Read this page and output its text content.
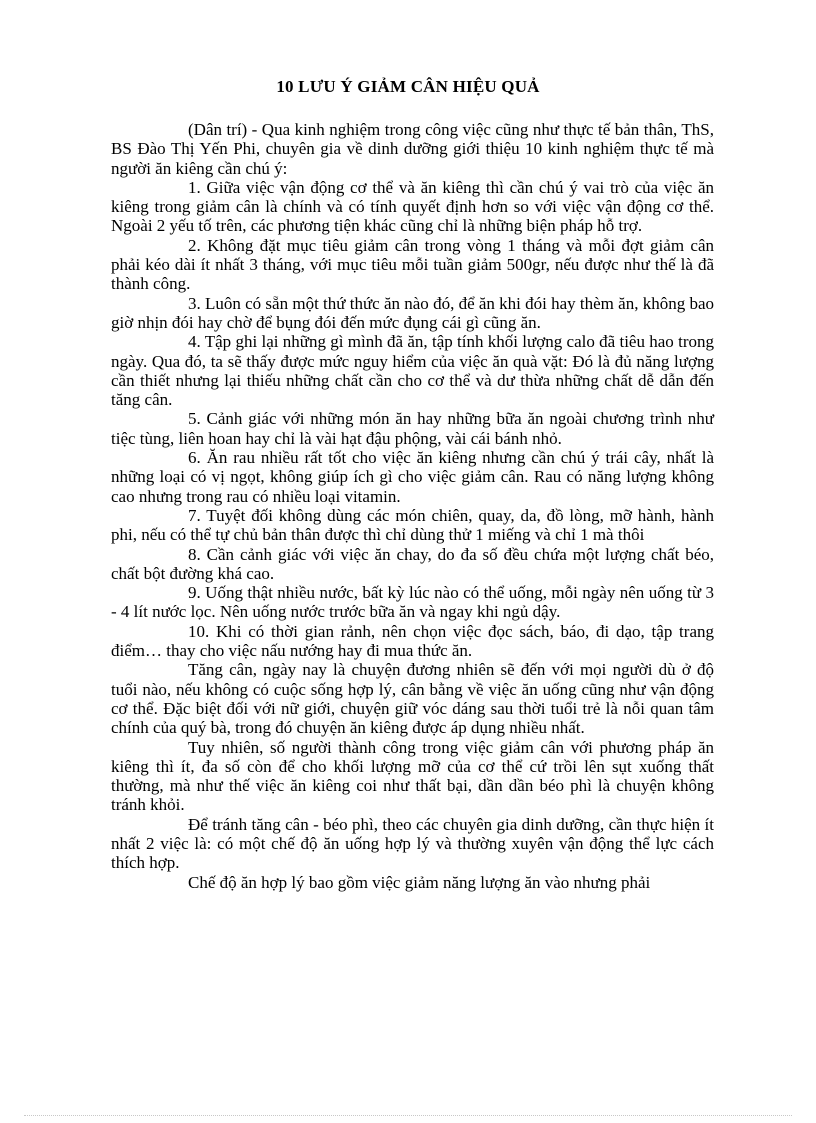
10 LƯU Ý GIẢM CÂN HIỆU QUẢ

(Dân trí) - Qua kinh nghiệm trong công việc cũng như thực tế bản thân, ThS, BS Đào Thị Yến Phi, chuyên gia về dinh dưỡng giới thiệu 10 kinh nghiệm thực tế mà người ăn kiêng cần chú ý:

1. Giữa việc vận động cơ thể và ăn kiêng thì cần chú ý vai trò của việc ăn kiêng trong giảm cân là chính và có tính quyết định hơn so với việc vận động cơ thể. Ngoài 2 yếu tố trên, các phương tiện khác cũng chỉ là những biện pháp hỗ trợ.

2. Không đặt mục tiêu giảm cân trong vòng 1 tháng và mỗi đợt giảm cân phải kéo dài ít nhất 3 tháng, với mục tiêu mỗi tuần giảm 500gr, nếu được như thế là đã thành công.

3. Luôn có sẵn một thứ thức ăn nào đó, để ăn khi đói hay thèm ăn, không bao giờ nhịn đói hay chờ để bụng đói đến mức đụng cái gì cũng ăn.

4. Tập ghi lại những gì mình đã ăn, tập tính khối lượng calo đã tiêu hao trong ngày. Qua đó, ta sẽ thấy được mức nguy hiểm của việc ăn quà vặt: Đó là đủ năng lượng cần thiết nhưng lại thiếu những chất cần cho cơ thể và dư thừa những chất dễ dẫn đến tăng cân.

5. Cảnh giác với những món ăn hay những bữa ăn ngoài chương trình như tiệc tùng, liên hoan hay chỉ là vài hạt đậu phộng, vài cái bánh nhỏ.

6. Ăn rau nhiều rất tốt cho việc ăn kiêng nhưng cần chú ý trái cây, nhất là những loại có vị ngọt, không giúp ích gì cho việc giảm cân. Rau có năng lượng không cao nhưng trong rau có nhiều loại vitamin.

7. Tuyệt đối không dùng các món chiên, quay, da, đồ lòng, mỡ hành, hành phi, nếu có thể tự chủ bản thân được thì chỉ dùng thử 1 miếng và chỉ 1 mà thôi

8. Cần cảnh giác với việc ăn chay, do đa số đều chứa một lượng chất béo, chất bột đường khá cao.

9. Uống thật nhiều nước, bất kỳ lúc nào có thể uống, mỗi ngày nên uống từ 3 - 4 lít nước lọc. Nên uống nước trước bữa ăn và ngay khi ngủ dậy.

10. Khi có thời gian rảnh, nên chọn việc đọc sách, báo, đi dạo, tập trang điểm… thay cho việc nấu nướng hay đi mua thức ăn.

Tăng cân, ngày nay là chuyện đương nhiên sẽ đến với mọi người dù ở độ tuổi nào, nếu không có cuộc sống hợp lý, cân bằng về việc ăn uống cũng như vận động cơ thể. Đặc biệt đối với nữ giới, chuyện giữ vóc dáng sau thời tuổi trẻ là nỗi quan tâm chính của quý bà, trong đó chuyện ăn kiêng được áp dụng nhiều nhất.

Tuy nhiên, số người thành công trong việc giảm cân với phương pháp ăn kiêng thì ít, đa số còn để cho khối lượng mỡ của cơ thể cứ trồi lên sụt xuống thất thường, mà như thế việc ăn kiêng coi như thất bại, dần dần béo phì là chuyện không tránh khỏi.

Để tránh tăng cân - béo phì, theo các chuyên gia dinh dưỡng, cần thực hiện ít nhất 2 việc là: có một chế độ ăn uống hợp lý và thường xuyên vận động thể lực cách thích hợp.

Chế độ ăn hợp lý bao gồm việc giảm năng lượng ăn vào nhưng phải
